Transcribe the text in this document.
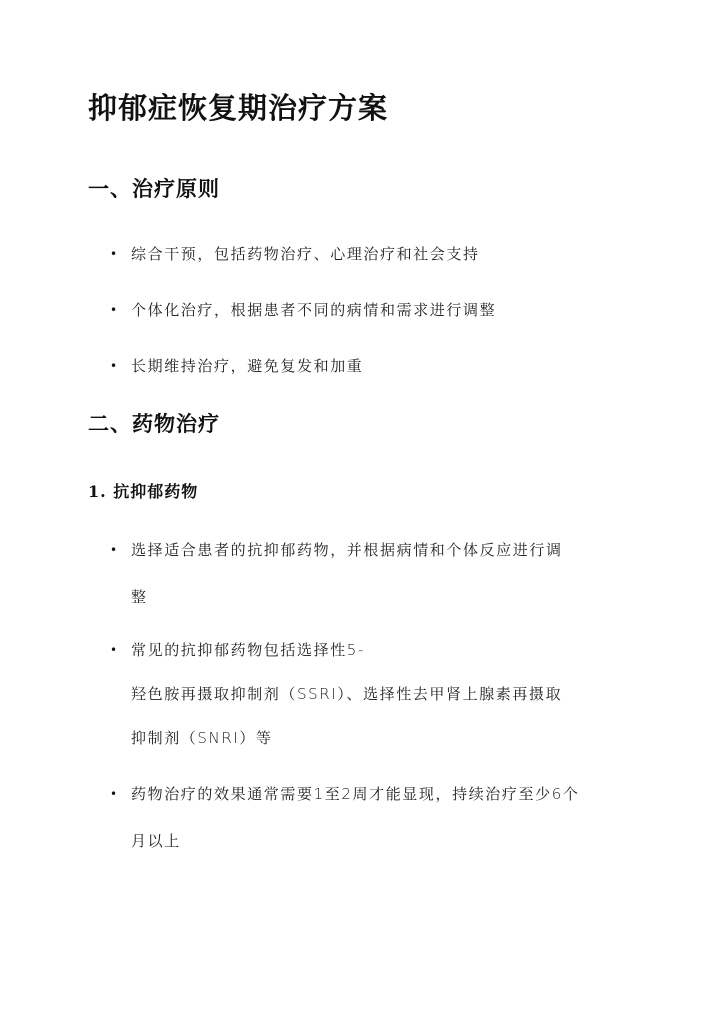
抑郁症恢复期治疗方案
一、治疗原则
• 综合干预，包括药物治疗、心理治疗和社会支持
• 个体化治疗，根据患者不同的病情和需求进行调整
• 长期维持治疗，避免复发和加重
二、药物治疗
1. 抗抑郁药物
• 选择适合患者的抗抑郁药物，并根据病情和个体反应进行调
整
• 常见的抗抑郁药物包括选择性5-
羟色胺再摄取抑制剂（SSRI）、选择性去甲肾上腺素再摄取
抑制剂（SNRI）等
• 药物治疗的效果通常需要1至2周才能显现，持续治疗至少6个
月以上
